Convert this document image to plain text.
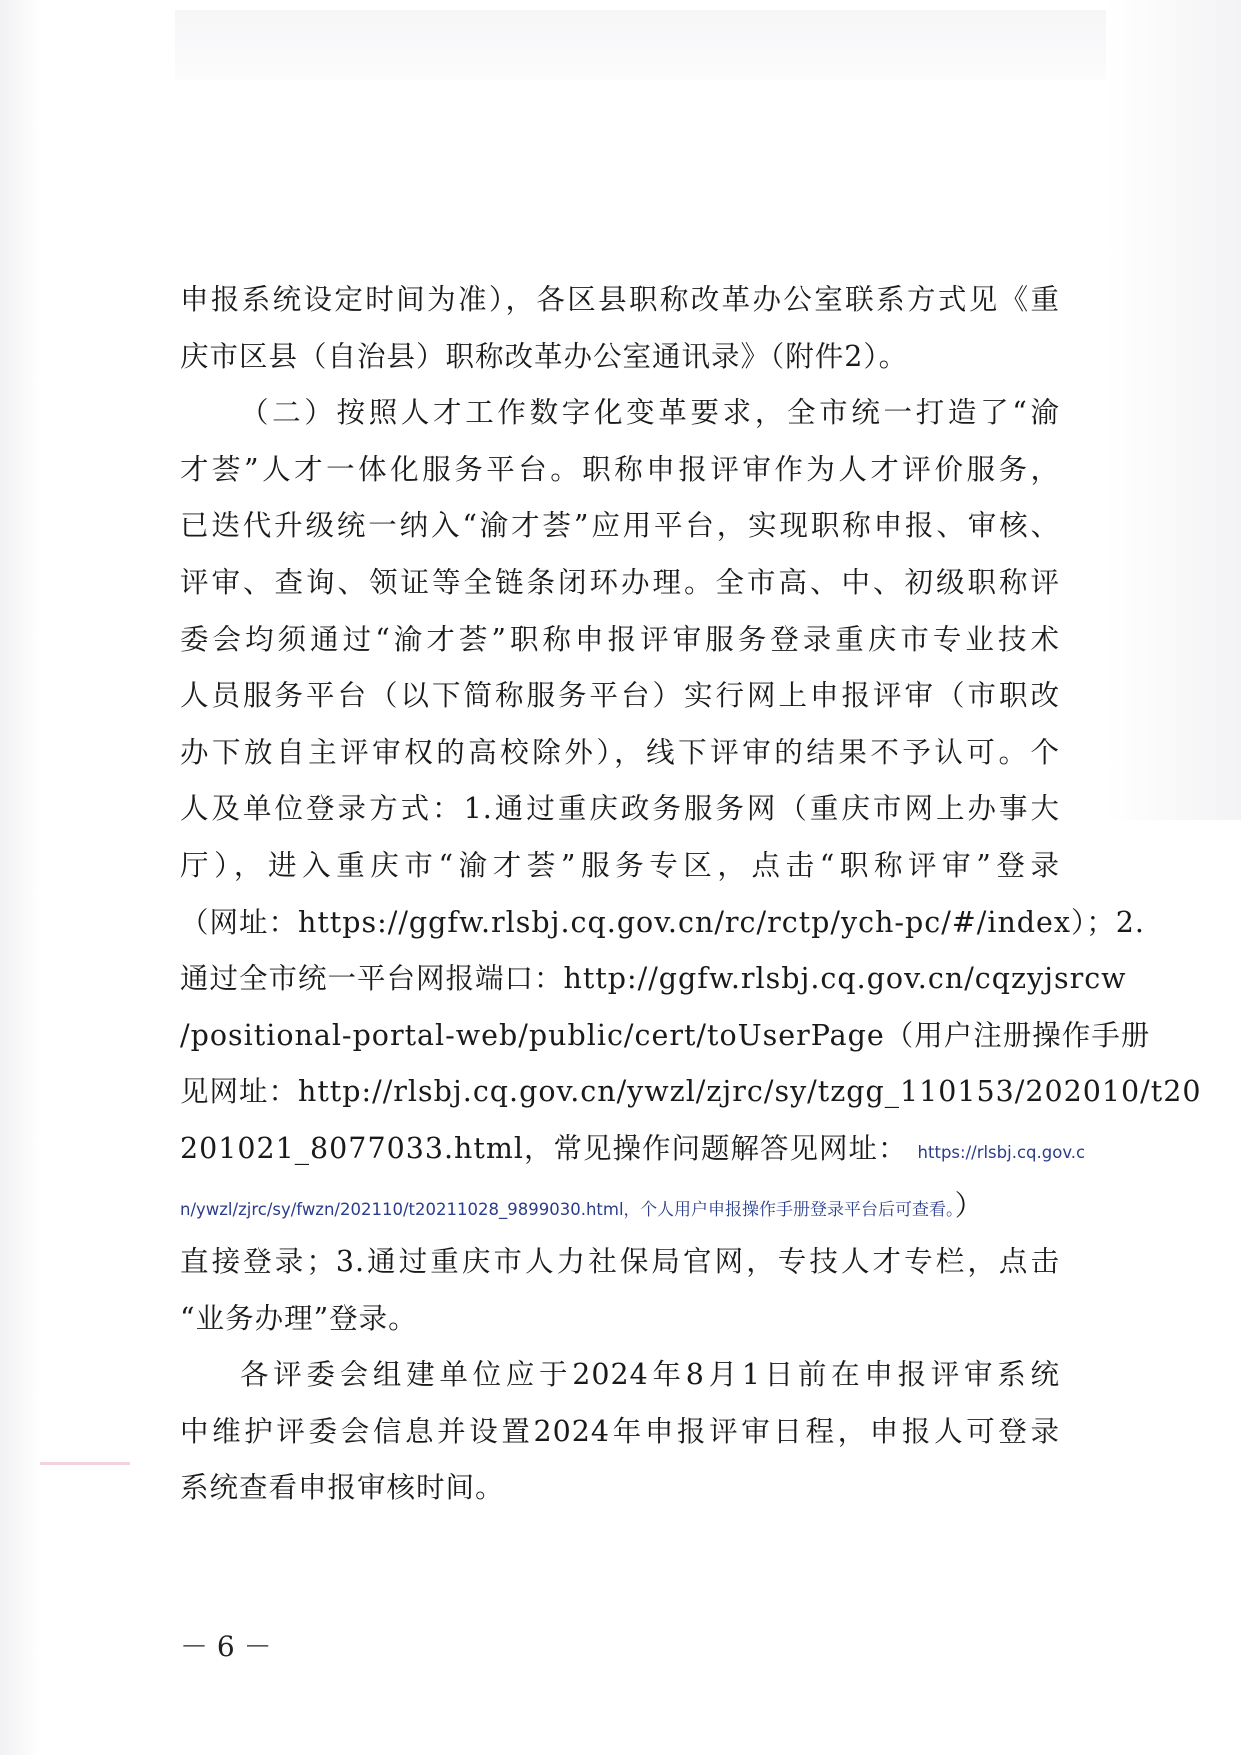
申报系统设定时间为准），各区县职称改革办公室联系方式见《重
庆市区县（自治县）职称改革办公室通讯录》（附件2）。
（二）按照人才工作数字化变革要求，全市统一打造了“渝
才荟”人才一体化服务平台。职称申报评审作为人才评价服务，
已迭代升级统一纳入“渝才荟”应用平台，实现职称申报、审核、
评审、查询、领证等全链条闭环办理。全市高、中、初级职称评
委会均须通过“渝才荟”职称申报评审服务登录重庆市专业技术
人员服务平台（以下简称服务平台）实行网上申报评审（市职改
办下放自主评审权的高校除外），线下评审的结果不予认可。个
人及单位登录方式：1.通过重庆政务服务网（重庆市网上办事大
厅），进入重庆市“渝才荟”服务专区，点击“职称评审”登录
（网址：https://ggfw.rlsbj.cq.gov.cn/rc/rctp/ych-pc/#/index）；2.
通过全市统一平台网报端口：http://ggfw.rlsbj.cq.gov.cn/cqzyjsrcw
/positional-portal-web/public/cert/toUserPage（用户注册操作手册
见网址：http://rlsbj.cq.gov.cn/ywzl/zjrc/sy/tzgg_110153/202010/t20
201021_8077033.html，常见操作问题解答见网址： https://rlsbj.cq.gov.c
n/ywzl/zjrc/sy/fwzn/202110/t20211028_9899030.html，个人用户申报操作手册登录平台后可查看。）
直接登录；3.通过重庆市人力社保局官网，专技人才专栏，点击
“业务办理”登录。
各评委会组建单位应于2024年8月1日前在申报评审系统
中维护评委会信息并设置2024年申报评审日程，申报人可登录
系统查看申报审核时间。
－ 6 －
